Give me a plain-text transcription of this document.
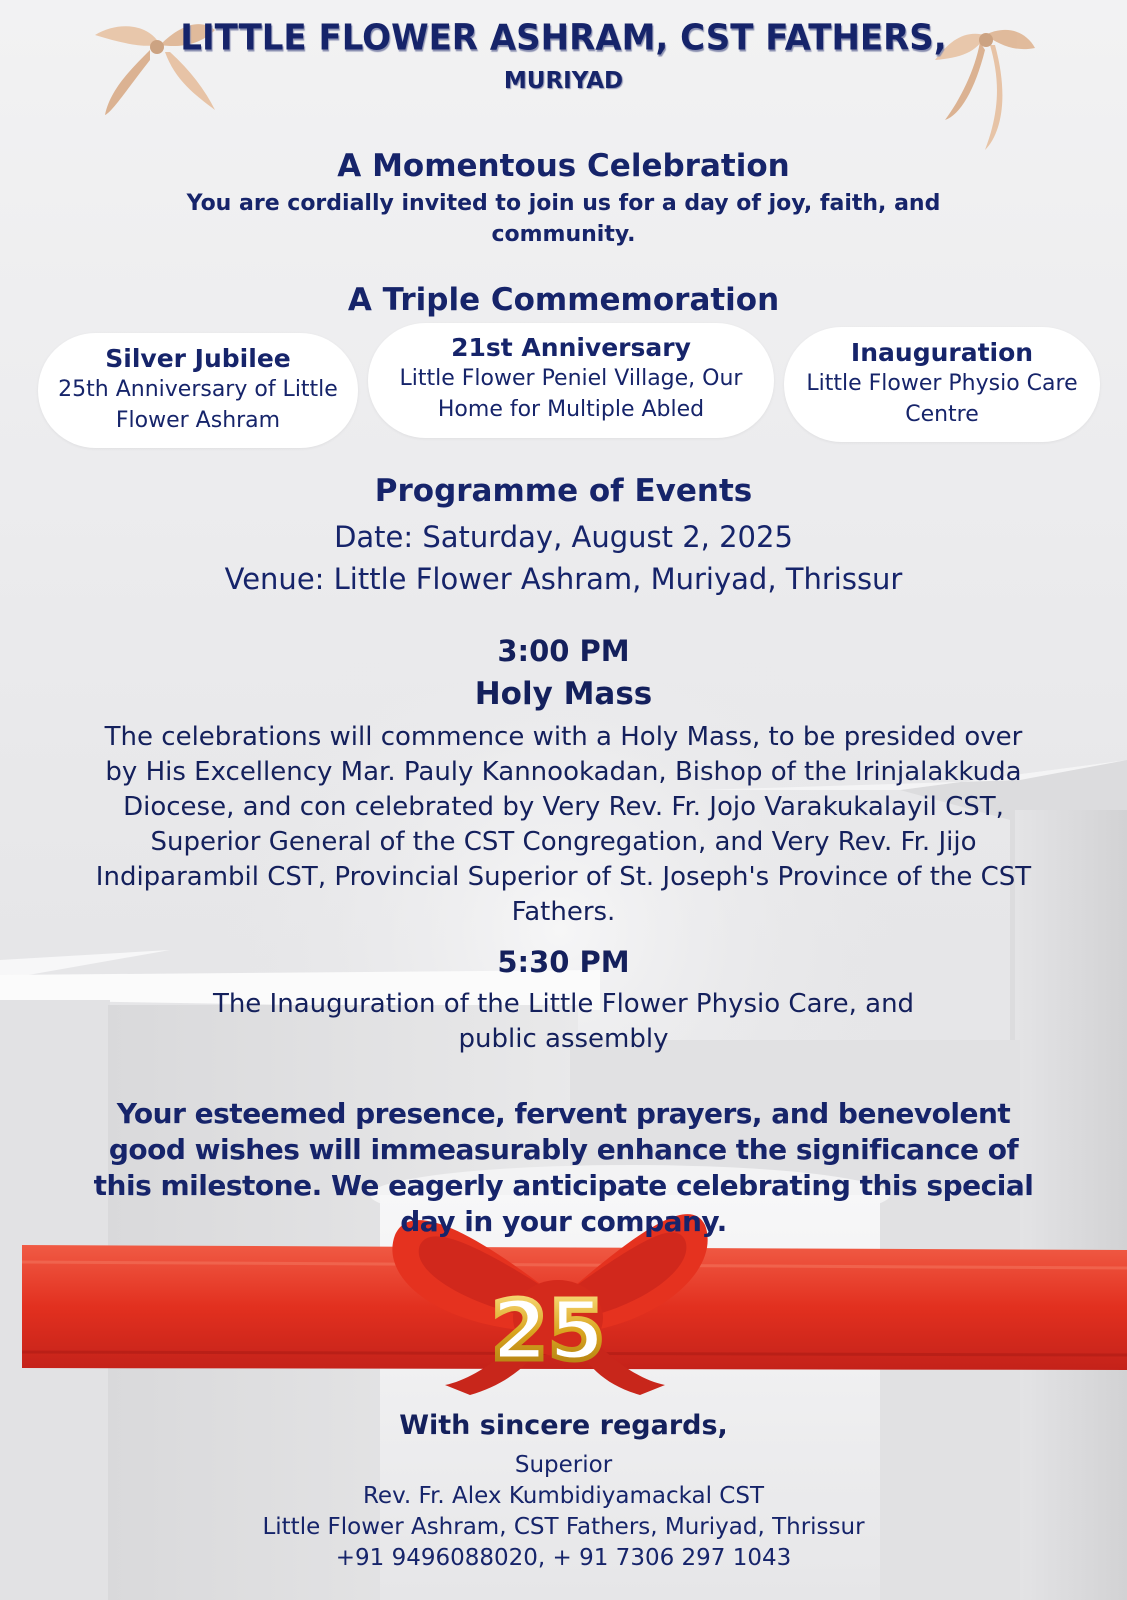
25
LITTLE FLOWER ASHRAM, CST FATHERS,
MURIYAD
A Momentous Celebration
You are cordially invited to join us for a day of joy, faith, and community.
A Triple Commemoration
Silver Jubilee
25th Anniversary of Little Flower Ashram
21st Anniversary
Little Flower Peniel Village, Our Home for Multiple Abled
Inauguration
Little Flower Physio Care Centre
Programme of Events
Date: Saturday, August 2, 2025
Venue: Little Flower Ashram, Muriyad, Thrissur
3:00 PM
Holy Mass
The celebrations will commence with a Holy Mass, to be presided over by His Excellency Mar. Pauly Kannookadan, Bishop of the Irinjalakkuda Diocese, and con celebrated by Very Rev. Fr. Jojo Varakukalayil CST, Superior General of the CST Congregation, and Very Rev. Fr. Jijo Indiparambil CST, Provincial Superior of St. Joseph's Province of the CST Fathers.
5:30 PM
The Inauguration of the Little Flower Physio Care, and public assembly
Your esteemed presence, fervent prayers, and benevolent good wishes will immeasurably enhance the significance of this milestone. We eagerly anticipate celebrating this special day in your company.
With sincere regards,
Superior
Rev. Fr. Alex Kumbidiyamackal CST
Little Flower Ashram, CST Fathers, Muriyad, Thrissur
+91 9496088020, + 91 7306 297 1043
